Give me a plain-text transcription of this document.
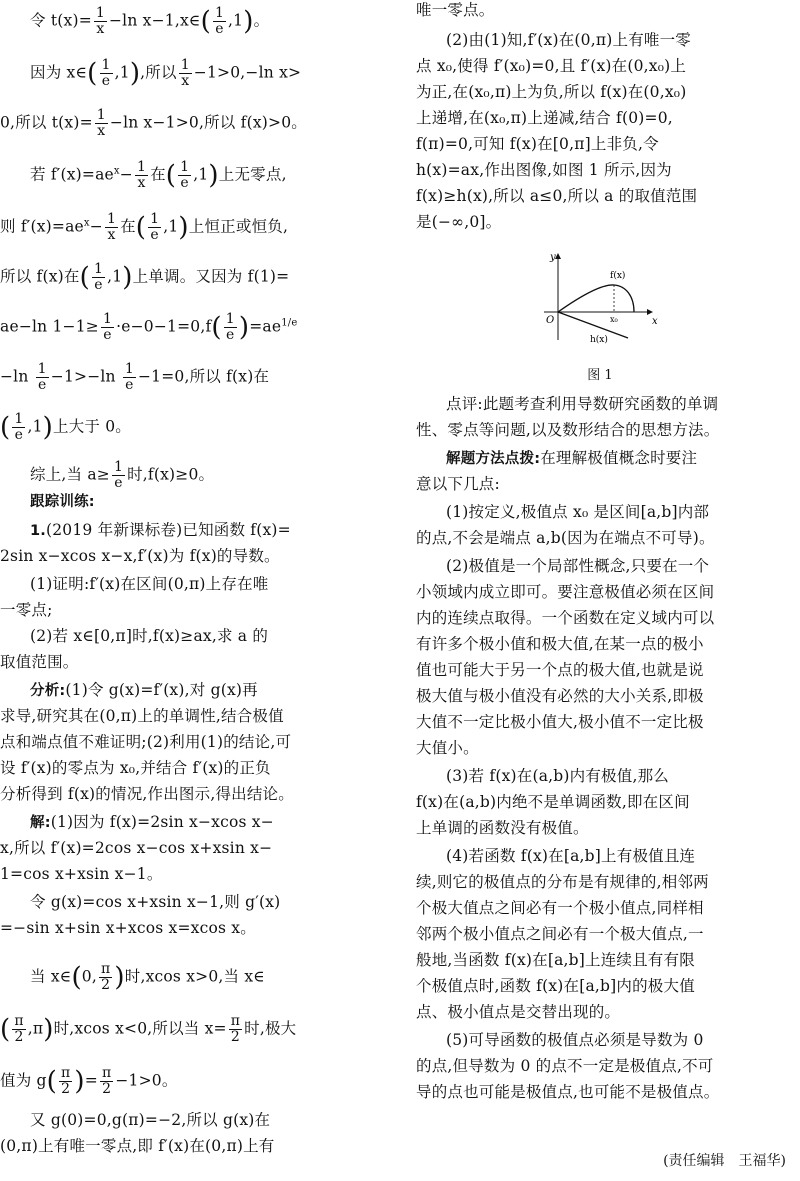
令 $t(x)= \frac{1}{x} -\ln$ x−1,x∈( $\frac{1}{e} ,1$)。
因为 x∈( $\frac{1}{e} ,1$),所以 $\frac{1}{x} -1>0,-\ln$ x>
0,所以 $t(x)= \frac{1}{x} -\ln$ x−1>0,所以 f(x)>0。
若 $f'(x)=ae^x- \frac{1}{x}$ 在( $\frac{1}{e} ,1$)上无零点,
则 $f'(x)=ae^x- \frac{1}{x}$ 在( $\frac{1}{e} ,1$)上恒正或恒负,
所以 f(x)在( $\frac{1}{e} ,1$)上单调。又因为 f(1)=
ae−ln $1-1\ge \frac{1}{e} \cdot e-0-1=0,f( \frac{1}{e} )=ae^{1/e}$
$-\ln \frac{1}{e} -1>-\ln \frac{1}{e} -1=0$,所以 f(x)在
( $\frac{1}{e} ,1$)上大于 0。
综上,当 $a\ge \frac{1}{e}$ 时,f(x)≥0。
跟踪训练:
1.(2019 年新课标卷)已知函数 f(x)=
2sin x−xcos x−x,f′(x)为 f(x)的导数。
(1)证明:f′(x)在区间(0,π)上存在唯
一零点;
(2)若 x∈[0,π]时,f(x)≥ax,求 a 的
取值范围。
分析:(1)令 g(x)=f′(x),对 g(x)再
求导,研究其在(0,π)上的单调性,结合极值
点和端点值不难证明;(2)利用(1)的结论,可
设 f′(x)的零点为 x₀,并结合 f′(x)的正负
分析得到 f(x)的情况,作出图示,得出结论。
解:(1)因为 f(x)=2sin x−xcos x−
x,所以 f′(x)=2cos x−cos x+xsin x−
1=cos x+xsin x−1。
令 g(x)=cos x+xsin x−1,则 g′(x)
=−sin x+sin x+xcos x=xcos x。
当 x∈(0, $\frac{\pi}{2}$ )时,xcos x>0,当 x∈
( $\frac{\pi}{2} ,\pi$)时,xcos x<0,所以当 $x= \frac{\pi}{2}$ 时,极大
值为 $g( \frac{\pi}{2}$ )= $\frac{\pi}{2} -1>0$。
又 g(0)=0,g(π)=−2,所以 g(x)在
(0,π)上有唯一零点,即 f′(x)在(0,π)上有
唯一零点。
(2)由(1)知,f′(x)在(0,π)上有唯一零
点 x₀,使得 f′(x₀)=0,且 f′(x)在(0,x₀)上
为正,在(x₀,π)上为负,所以 f(x)在(0,x₀)
上递增,在(x₀,π)上递减,结合 f(0)=0,
f(π)=0,可知 f(x)在[0,π]上非负,令
h(x)=ax,作出图像,如图 1 所示,因为
f(x)≥h(x),所以 a≤0,所以 a 的取值范围
是(−∞,0]。
点评:此题考查利用导数研究函数的单调
性、零点等问题,以及数形结合的思想方法。
解题方法点拨:在理解极值概念时要注
意以下几点:
(1)按定义,极值点 x₀ 是区间[a,b]内部
的点,不会是端点 a,b(因为在端点不可导)。
(2)极值是一个局部性概念,只要在一个
小领域内成立即可。要注意极值必须在区间
内的连续点取得。一个函数在定义域内可以
有许多个极小值和极大值,在某一点的极小
值也可能大于另一个点的极大值,也就是说
极大值与极小值没有必然的大小关系,即极
大值不一定比极小值大,极小值不一定比极
大值小。
(3)若 f(x)在(a,b)内有极值,那么
f(x)在(a,b)内绝不是单调函数,即在区间
上单调的函数没有极值。
(4)若函数 f(x)在[a,b]上有极值且连
续,则它的极值点的分布是有规律的,相邻两
个极大值点之间必有一个极小值点,同样相
邻两个极小值点之间必有一个极大值点,一
般地,当函数 f(x)在[a,b]上连续且有有限
个极值点时,函数 f(x)在[a,b]内的极大值
点、极小值点是交替出现的。
(5)可导函数的极值点必须是导数为 0
的点,但导数为 0 的点不一定是极值点,不可
导的点也可能是极值点,也可能不是极值点。
y
x
O
f(x)
h(x)
x₀
图 1
(责任编辑　王福华)
